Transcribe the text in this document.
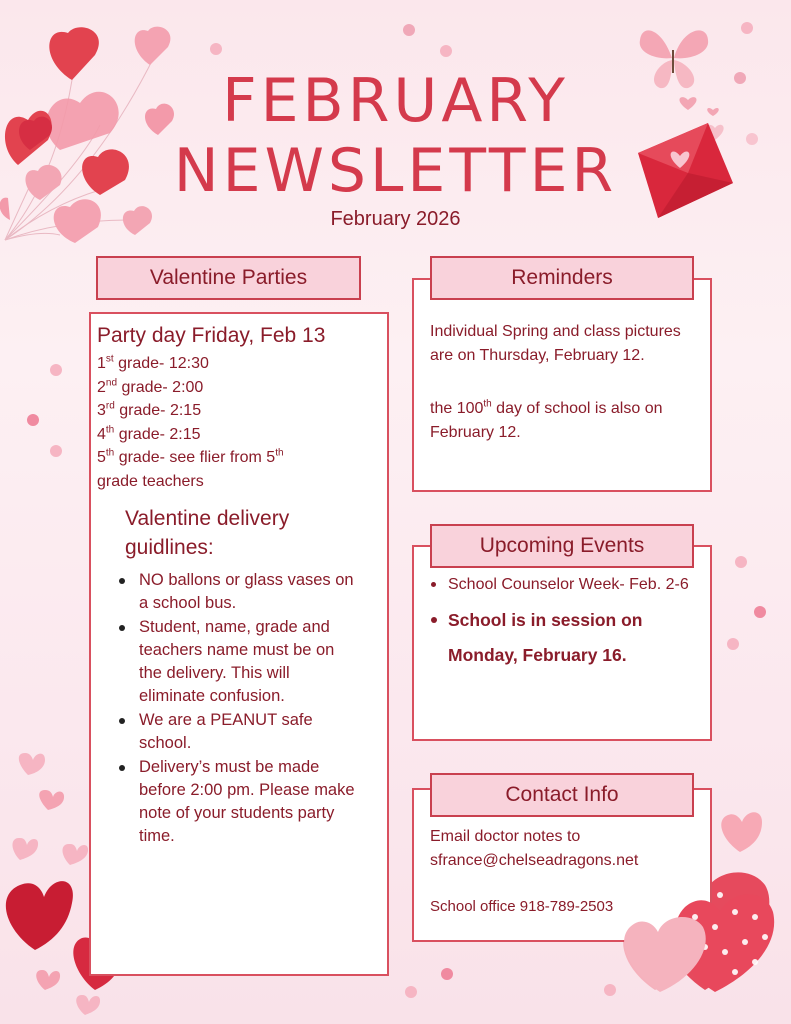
FEBRUARY
NEWSLETTER
February 2026
Party day Friday, Feb 13
1st grade- 12:30
2nd grade- 2:00
3rd grade- 2:15
4th grade- 2:15
5th grade- see flier from 5th
grade teachers
Valentine delivery
guidlines:
NO ballons or glass vases on a school bus.
Student, name, grade and teachers name must be on the delivery. This will eliminate confusion.
We are a PEANUT safe school.
Delivery’s must be made before 2:00 pm. Please make note of your students party time.
Valentine Parties
Individual Spring and class pictures are on Thursday, February 12.
the 100th day of school is also on February 12.
Reminders
School Counselor Week- Feb. 2-6
School is in session on Monday, February 16.
Upcoming Events
Email doctor notes to
sfrance@chelseadragons.net
School office 918-789-2503
Contact Info
